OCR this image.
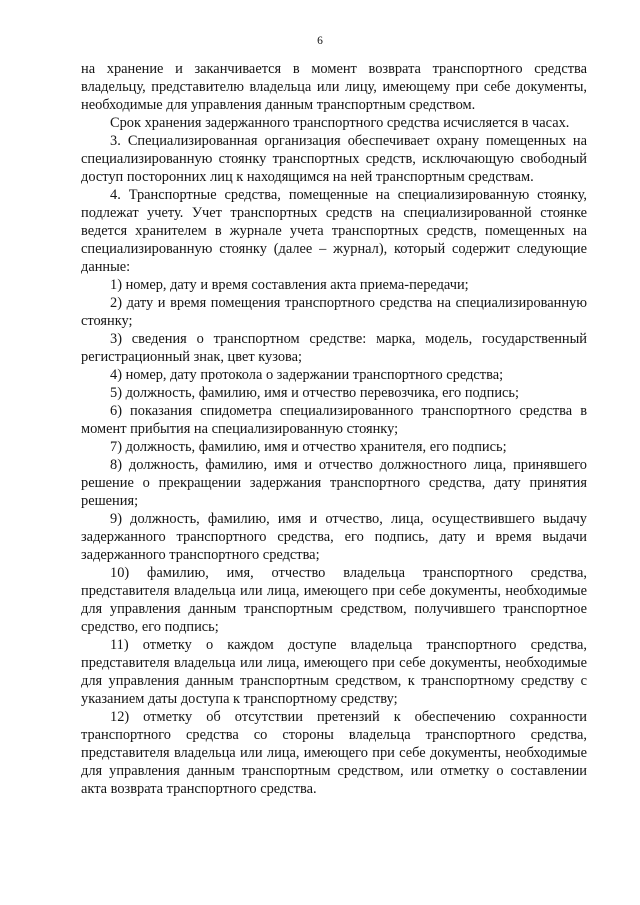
6

на хранение и заканчивается в момент возврата транспортного средства владельцу, представителю владельца или лицу, имеющему при себе документы, необходимые для управления данным транспортным средством.

Срок хранения задержанного транспортного средства исчисляется в часах.

3. Специализированная организация обеспечивает охрану помещенных на специализированную стоянку транспортных средств, исключающую свободный доступ посторонних лиц к находящимся на ней транспортным средствам.

4. Транспортные средства, помещенные на специализированную стоянку, подлежат учету. Учет транспортных средств на специализированной стоянке ведется хранителем в журнале учета транспортных средств, помещенных на специализированную стоянку (далее – журнал), который содержит следующие данные:

1) номер, дату и время составления акта приема-передачи;

2) дату и время помещения транспортного средства на специализированную стоянку;

3) сведения о транспортном средстве: марка, модель, государственный регистрационный знак, цвет кузова;

4) номер, дату протокола о задержании транспортного средства;

5) должность, фамилию, имя и отчество перевозчика, его подпись;

6) показания спидометра специализированного транспортного средства в момент прибытия на специализированную стоянку;

7) должность, фамилию, имя и отчество хранителя, его подпись;

8) должность, фамилию, имя и отчество должностного лица, принявшего решение о прекращении задержания транспортного средства, дату принятия решения;

9) должность, фамилию, имя и отчество, лица, осуществившего выдачу задержанного транспортного средства, его подпись, дату и время выдачи задержанного транспортного средства;

10) фамилию, имя, отчество владельца транспортного средства, представителя владельца или лица, имеющего при себе документы, необходимые для управления данным транспортным средством, получившего транспортное средство, его подпись;

11) отметку о каждом доступе владельца транспортного средства, представителя владельца или лица, имеющего при себе документы, необходимые для управления данным транспортным средством, к транспортному средству с указанием даты доступа к транспортному средству;

12) отметку об отсутствии претензий к обеспечению сохранности транспортного средства со стороны владельца транспортного средства, представителя владельца или лица, имеющего при себе документы, необходимые для управления данным транспортным средством, или отметку о составлении акта возврата транспортного средства.
